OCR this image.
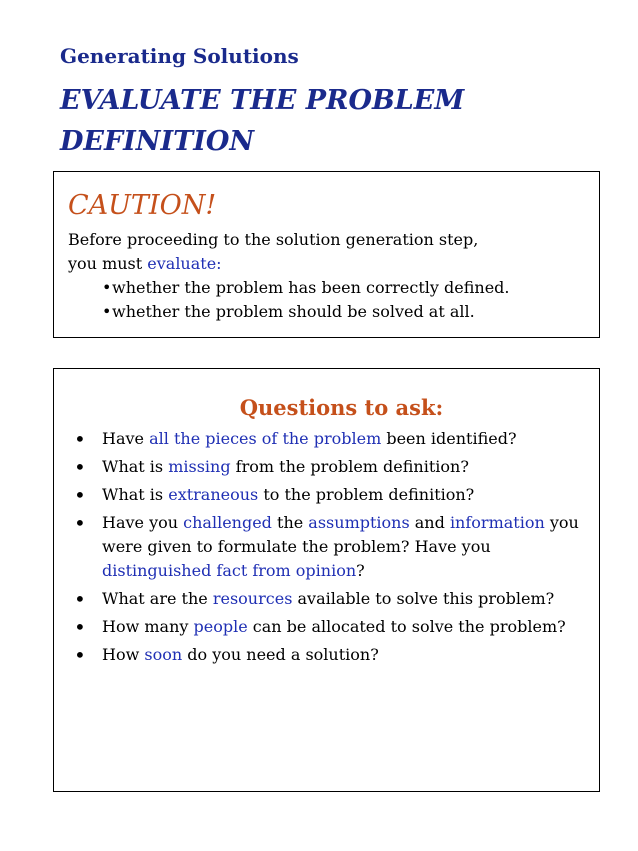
Generating Solutions
EVALUATE THE PROBLEM DEFINITION
CAUTION!
Before proceeding to the solution generation step,
you must evaluate:
• whether the problem has been correctly defined.
• whether the problem should be solved at all.
Questions to ask:
• Have all the pieces of the problem been identified?
• What is missing from the problem definition?
• What is extraneous to the problem definition?
• Have you challenged the assumptions and information you were given to formulate the problem? Have you distinguished fact from opinion?
• What are the resources available to solve this problem?
• How many people can be allocated to solve the problem?
• How soon do you need a solution?
